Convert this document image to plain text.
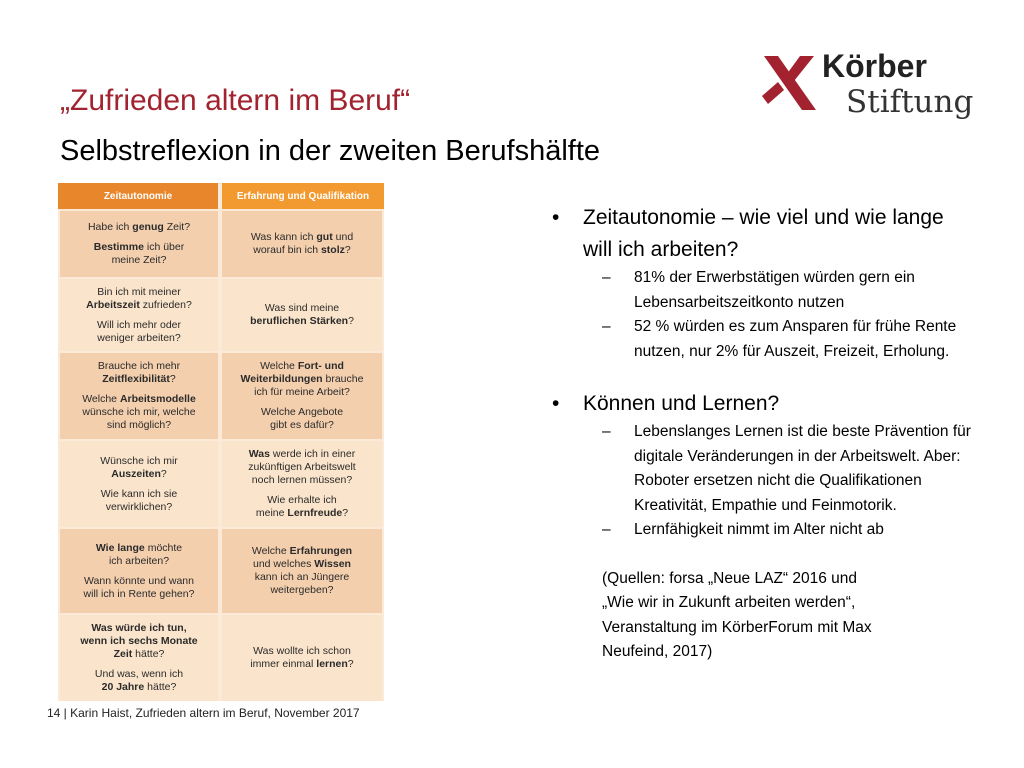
„Zufrieden altern im Beruf“
Selbstreflexion in der zweiten Berufshälfte
Körber
Stiftung
Zeitautonomie	Erfahrung und Qualifikation

Habe ich genug Zeit?

Bestimme ich über
meine Zeit?

Was kann ich gut und
worauf bin ich stolz?

Bin ich mit meiner
Arbeitszeit zufrieden?

Will ich mehr oder
weniger arbeiten?

Was sind meine
beruflichen Stärken?

Brauche ich mehr
Zeitflexibilität?

Welche Arbeitsmodelle
wünsche ich mir, welche
sind möglich?

Welche Fort- und
Weiterbildungen brauche
ich für meine Arbeit?

Welche Angebote
gibt es dafür?

Wünsche ich mir
Auszeiten?

Wie kann ich sie
verwirklichen?

Was werde ich in einer
zukünftigen Arbeitswelt
noch lernen müssen?

Wie erhalte ich
meine Lernfreude?

Wie lange möchte
ich arbeiten?

Wann könnte und wann
will ich in Rente gehen?

Welche Erfahrungen
und welches Wissen
kann ich an Jüngere
weitergeben?

Was würde ich tun,
wenn ich sechs Monate
Zeit hätte?

Und was, wenn ich
20 Jahre hätte?

Was wollte ich schon
immer einmal lernen?

• Zeitautonomie – wie viel und wie lange will ich arbeiten?
– 81% der Erwerbstätigen würden gern ein Lebensarbeitszeitkonto nutzen
– 52 % würden es zum Ansparen für frühe Rente nutzen, nur 2% für Auszeit, Freizeit, Erholung.
• Können und Lernen?
– Lebenslanges Lernen ist die beste Prävention für digitale Veränderungen in der Arbeitswelt. Aber: Roboter ersetzen nicht die Qualifikationen Kreativität, Empathie und Feinmotorik.
– Lernfähigkeit nimmt im Alter nicht ab
(Quellen: forsa „Neue LAZ“ 2016 und
„Wie wir in Zukunft arbeiten werden“,
Veranstaltung im KörberForum mit Max
Neufeind, 2017)
14 | Karin Haist, Zufrieden altern im Beruf, November 2017
